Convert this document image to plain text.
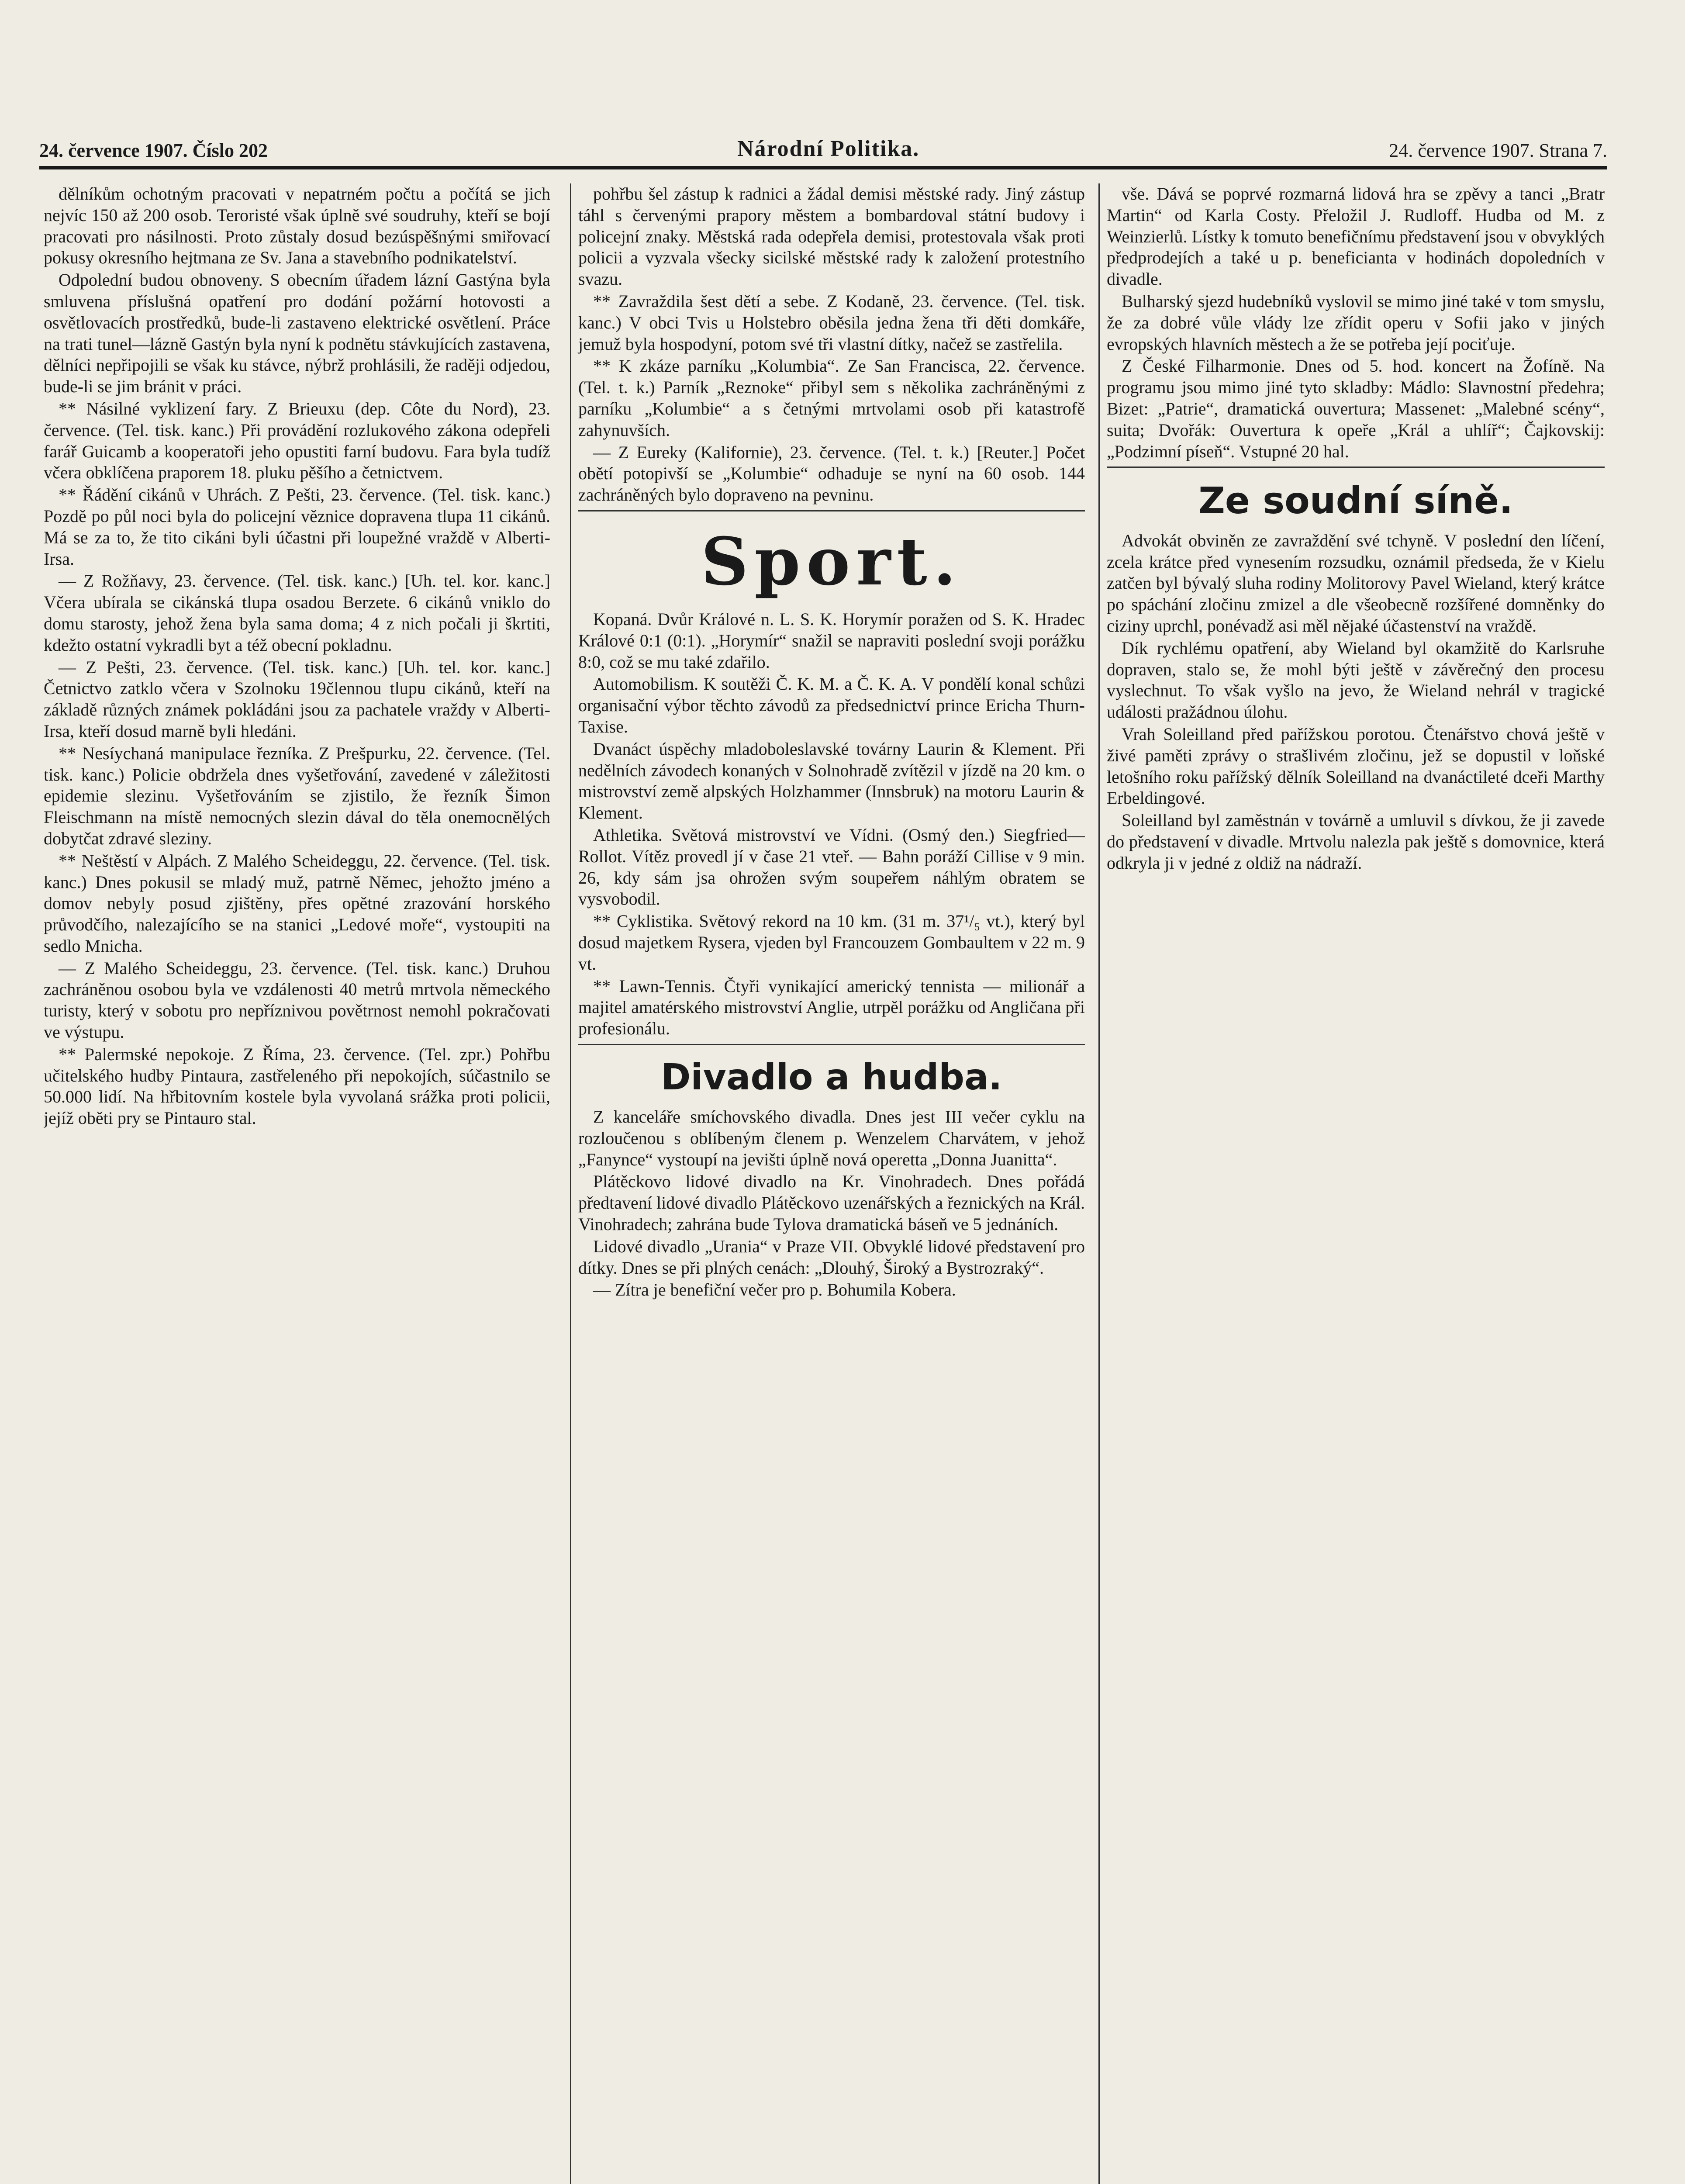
24. července 1907. Číslo 202	Národní Politika.	24. července 1907. Strana 7.

dělníkům ochotným pracovati v nepatrném počtu a počítá se jich nejvíc 150 až 200 osob. Teroristé však úplně své soudruhy, kteří se bojí pracovati pro násilnosti. Proto zůstaly dosud bezúspěšnými smiřovací pokusy okresního hejtmana ze Sv. Jana a stavebního podnikatelství.

Odpolední budou obnoveny. S obecním úřadem lázní Gastýna byla smluvena příslušná opatření pro dodání požární hotovosti a osvětlovacích prostředků, bude-li zastaveno elektrické osvětlení. Práce na trati tunel—lázně Gastýn byla nyní k podnětu stávkujících zastavena, dělníci nepřipojili se však ku stávce, nýbrž prohlásili, že raději odjedou, bude-li se jim bránit v práci.

** Násilné vyklizení fary. Z Brieuxu (dep. Côte du Nord), 23. července. (Tel. tisk. kanc.) Při provádění rozlukového zákona odepřeli farář Guicamb a kooperatoři jeho opustiti farní budovu. Fara byla tudíž včera obklíčena praporem 18. pluku pěšího a četnictvem.

** Řádění cikánů v Uhrách. Z Pešti, 23. července. (Tel. tisk. kanc.) Pozdě po půl noci byla do policejní věznice dopravena tlupa 11 cikánů. Má se za to, že tito cikáni byli účastni při loupežné vraždě v Alberti-Irsa.

— Z Rožňavy, 23. července. (Tel. tisk. kanc.) [Uh. tel. kor. kanc.] Včera ubírala se cikánská tlupa osadou Berzete. 6 cikánů vniklo do domu starosty, jehož žena byla sama doma; 4 z nich počali ji škrtiti, kdežto ostatní vykradli byt a též obecní pokladnu.

— Z Pešti, 23. července. (Tel. tisk. kanc.) [Uh. tel. kor. kanc.] Četnictvo zatklo včera v Szolnoku 19člennou tlupu cikánů, kteří na základě různých známek pokládáni jsou za pachatele vraždy v Alberti-Irsa, kteří dosud marně byli hledáni.

** Nesíychaná manipulace řezníka. Z Prešpurku, 22. července. (Tel. tisk. kanc.) Policie obdržela dnes vyšetřování, zavedené v záležitosti epidemie slezinu. Vyšetřováním se zjistilo, že řezník Šimon Fleischmann na místě nemocných slezin dával do těla onemocnělých dobytčat zdravé sleziny.

** Neštěstí v Alpách. Z Malého Scheideggu, 22. července. (Tel. tisk. kanc.) Dnes pokusil se mladý muž, patrně Němec, jehožto jméno a domov nebyly posud zjištěny, přes opětné zrazování horského průvodčího, nalezajícího se na stanici „Ledové moře“, vystoupiti na sedlo Mnicha.

— Z Malého Scheideggu, 23. července. (Tel. tisk. kanc.) Druhou zachráněnou osobou byla ve vzdálenosti 40 metrů mrtvola německého turisty, který v sobotu pro nepříznivou povětrnost nemohl pokračovati ve výstupu.

** Palermské nepokoje. Z Říma, 23. července. (Tel. zpr.) Pohřbu učitelského hudby Pintaura, zastřeleného při nepokojích, súčastnilo se 50.000 lidí. Na hřbitovním kostele byla vyvolaná srážka proti policii, jejíž oběti pry se Pintauro stal.

pohřbu šel zástup k radnici a žádal demisi městské rady. Jiný zástup táhl s červenými prapory městem a bombardoval státní budovy i policejní znaky. Městská rada odepřela demisi, protestovala však proti policii a vyzvala všecky sicilské městské rady k založení protestního svazu.

** Zavraždila šest dětí a sebe. Z Kodaně, 23. července. (Tel. tisk. kanc.) V obci Tvis u Holstebro oběsila jedna žena tři děti domkáře, jemuž byla hospodyní, potom své tři vlastní dítky, načež se zastřelila.

** K zkáze parníku „Kolumbia“. Ze San Francisca, 22. července. (Tel. t. k.) Parník „Reznoke“ přibyl sem s několika zachráněnými z parníku „Kolumbie“ a s četnými mrtvolami osob při katastrofě zahynuvších.

— Z Eureky (Kalifornie), 23. července. (Tel. t. k.) [Reuter.] Počet obětí potopivší se „Kolumbie“ odhaduje se nyní na 60 osob. 144 zachráněných bylo dopraveno na pevninu.

Sport.

Kopaná. Dvůr Králové n. L. S. K. Horymír poražen od S. K. Hradec Králové 0:1 (0:1). „Horymír“ snažil se napraviti poslední svoji porážku 8:0, což se mu také zdařilo.

Automobilism. K soutěži Č. K. M. a Č. K. A. V pondělí konal schůzi organisační výbor těchto závodů za předsednictví prince Ericha Thurn-Taxise.

Dvanáct úspěchy mladoboleslavské továrny Laurin & Klement. Při nedělních závodech konaných v Solnohradě zvítězil v jízdě na 20 km. o mistrovství země alpských Holzhammer (Innsbruk) na motoru Laurin & Klement.

Athletika. Světová mistrovství ve Vídni. (Osmý den.) Siegfried—Rollot. Vítěz provedl jí v čase 21 vteř. — Bahn poráží Cillise v 9 min. 26, kdy sám jsa ohrožen svým soupeřem náhlým obratem se vysvobodil.

** Cyklistika. Světový rekord na 10 km. (31 m. 37¹/₅ vt.), který byl dosud majetkem Rysera, vjeden byl Francouzem Gombaultem v 22 m. 9 vt.

** Lawn-Tennis. Čtyři vynikající americký tennista — milionář a majitel amatérského mistrovství Anglie, utrpěl porážku od Angličana při profesionálu.

Divadlo a hudba.

Z kanceláře smíchovského divadla. Dnes jest III večer cyklu na rozloučenou s oblíbeným členem p. Wenzelem Charvátem, v jehož „Fanynce“ vystoupí na jevišti úplně nová operetta „Donna Juanitta“.

Plátěckovo lidové divadlo na Kr. Vinohradech. Dnes pořádá předtavení lidové divadlo Plátěckovo uzenářských a řeznických na Král. Vinohradech; zahrána bude Tylova dramatická báseň ve 5 jednáních.

Lidové divadlo „Urania“ v Praze VII. Obvyklé lidové představení pro dítky. Dnes se při plných cenách: „Dlouhý, Široký a Bystrozraký“.

— Zítra je benefiční večer pro p. Bohumila Kobera.

vše. Dává se poprvé rozmarná lidová hra se zpěvy a tanci „Bratr Martin“ od Karla Costy. Přeložil J. Rudloff. Hudba od M. z Weinzierlů. Lístky k tomuto benefičnímu představení jsou v obvyklých předprodejích a také u p. beneficianta v hodinách dopoledních v divadle.

Bulharský sjezd hudebníků vyslovil se mimo jiné také v tom smyslu, že za dobré vůle vlády lze zřídit operu v Sofii jako v jiných evropských hlavních městech a že se potřeba její pociťuje.

Z České Filharmonie. Dnes od 5. hod. koncert na Žofíně. Na programu jsou mimo jiné tyto skladby: Mádlo: Slavnostní předehra; Bizet: „Patrie“, dramatická ouvertura; Massenet: „Malebné scény“, suita; Dvořák: Ouvertura k opeře „Král a uhlíř“; Čajkovskij: „Podzimní píseň“. Vstupné 20 hal.

Ze soudní síně.

Advokát obviněn ze zavraždění své tchyně. V poslední den líčení, zcela krátce před vynesením rozsudku, oznámil předseda, že v Kielu zatčen byl bývalý sluha rodiny Molitorovy Pavel Wieland, který krátce po spáchání zločinu zmizel a dle všeobecně rozšířené domněnky do ciziny uprchl, ponévadž asi měl nějaké účastenství na vraždě.

Dík rychlému opatření, aby Wieland byl okamžitě do Karlsruhe dopraven, stalo se, že mohl býti ještě v závěrečný den procesu vyslechnut. To však vyšlo na jevo, že Wieland nehrál v tragické události pražádnou úlohu.

Vrah Soleilland před pařížskou porotou. Čtenářstvo chová ještě v živé paměti zprávy o strašlivém zločinu, jež se dopustil v loňské letošního roku pařížský dělník Soleilland na dvanáctileté dceři Marthy Erbeldingové.

Soleilland byl zaměstnán v továrně a umluvil s dívkou, že ji zavede do představení v divadle. Mrtvolu nalezla pak ještě s domovnice, která odkryla ji v jedné z oldiž na nádraží.
